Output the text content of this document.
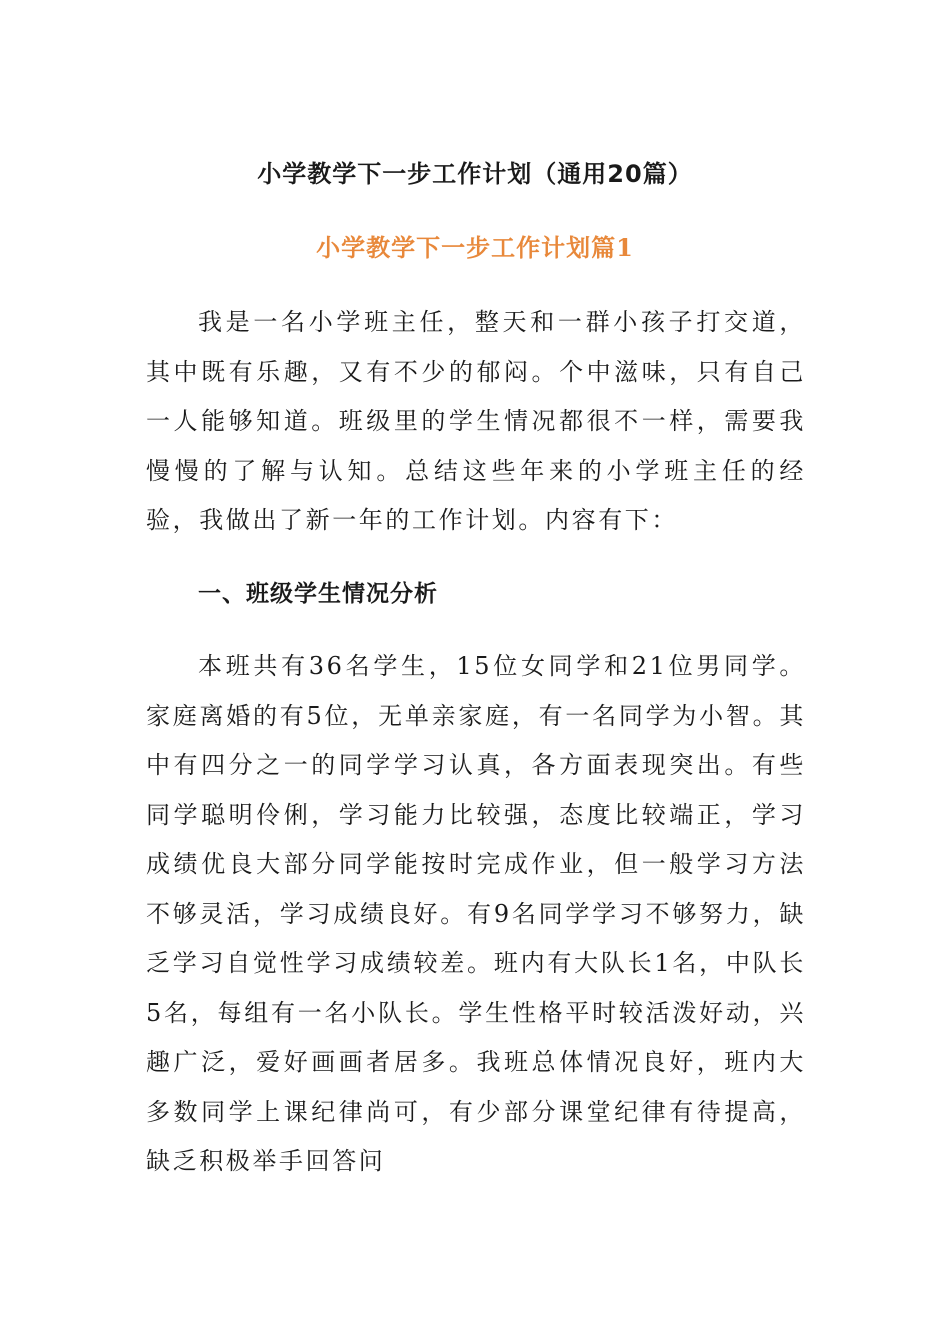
小学教学下一步工作计划（通用20篇）
小学教学下一步工作计划篇1

我是一名小学班主任，整天和一群小孩子打交道，其中既有乐趣，又有不少的郁闷。个中滋味，只有自己一人能够知道。班级里的学生情况都很不一样，需要我慢慢的了解与认知。总结这些年来的小学班主任的经验，我做出了新一年的工作计划。内容有下：

一、班级学生情况分析

本班共有36名学生，15位女同学和21位男同学。家庭离婚的有5位，无单亲家庭，有一名同学为小智。其中有四分之一的同学学习认真，各方面表现突出。有些同学聪明伶俐，学习能力比较强，态度比较端正，学习成绩优良大部分同学能按时完成作业，但一般学习方法不够灵活，学习成绩良好。有9名同学学习不够努力，缺乏学习自觉性学习成绩较差。班内有大队长1名，中队长5名，每组有一名小队长。学生性格平时较活泼好动，兴趣广泛，爱好画画者居多。我班总体情况良好，班内大多数同学上课纪律尚可，有少部分课堂纪律有待提高，缺乏积极举手回答问
